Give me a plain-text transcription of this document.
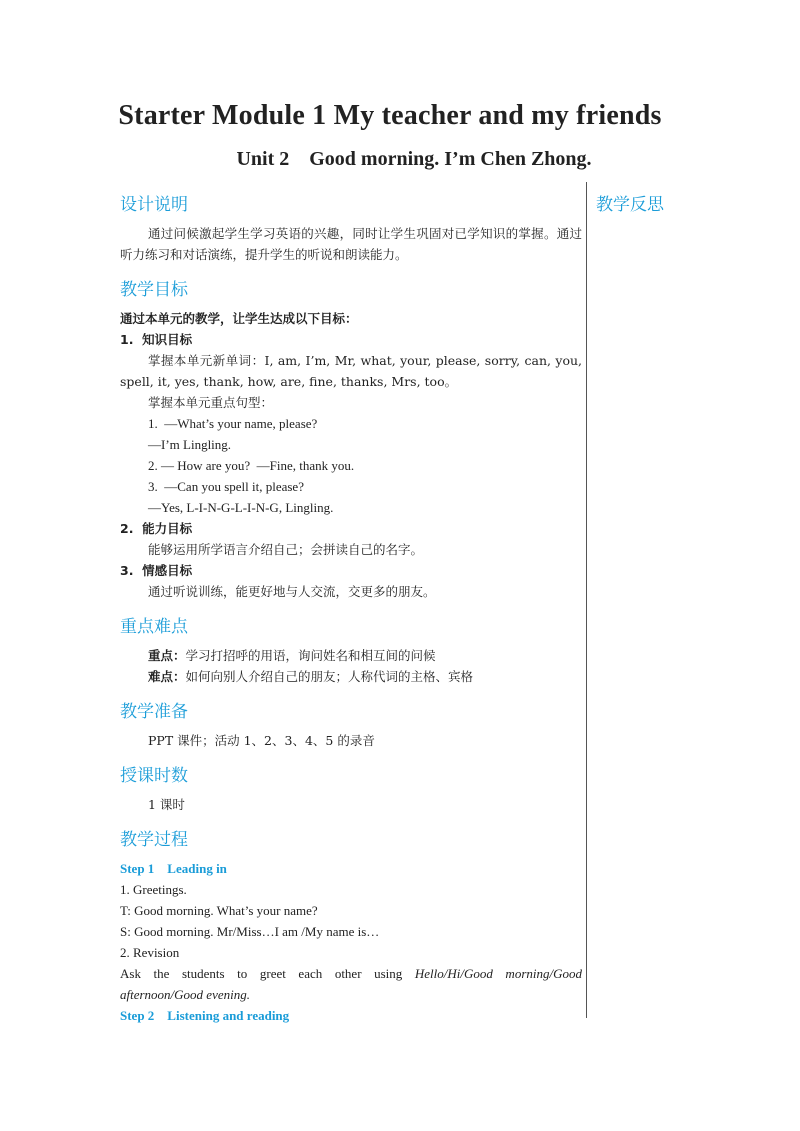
Starter Module 1 My teacher and my friends
Unit 2    Good morning. I’m Chen Zhong.
教学反思

设计说明

通过问候激起学生学习英语的兴趣，同时让学生巩固对已学知识的掌握。通过听力练习和对话演练，提升学生的听说和朗读能力。

教学目标

通过本单元的教学，让学生达成以下目标：

1.  知识目标

掌握本单元新单词：I, am, I’m, Mr, what, your, please, sorry, can, you, spell, it, yes, thank, how, are, fine, thanks, Mrs, too。

掌握本单元重点句型：

1.  —What’s your name, please?

—I’m Lingling.

2. — How are you?  —Fine, thank you.

3.  —Can you spell it, please?

—Yes, L-I-N-G-L-I-N-G, Lingling.

2.  能力目标

能够运用所学语言介绍自己；会拼读自己的名字。

3.  情感目标

通过听说训练，能更好地与人交流，交更多的朋友。

重点难点

重点：学习打招呼的用语，询问姓名和相互间的问候

难点：如何向别人介绍自己的朋友；人称代词的主格、宾格

教学准备

PPT 课件；活动 1、2、3、4、5 的录音

授课时数

1 课时

教学过程

Step 1    Leading in

1. Greetings.

T: Good morning. What’s your name?

S: Good morning. Mr/Miss…I am /My name is…

2. Revision

Ask the students to greet each other using Hello/Hi/Good morning/Good afternoon/Good evening.

Step 2    Listening and reading
